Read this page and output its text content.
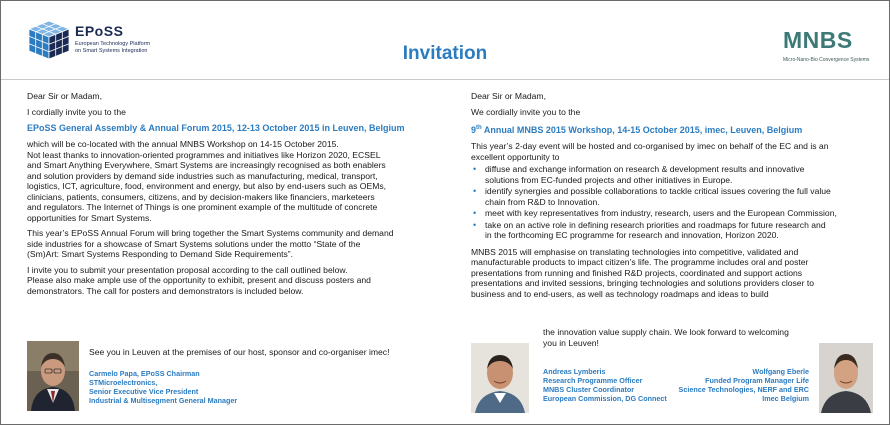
EPoSS
European Technology Platform
on Smart Systems Integration	Invitation
MNBS
Micro-Nano-Bio Convergence Systems

Dear Sir or Madam,

I cordially invite you to the

EPoSS General Assembly & Annual Forum 2015, 12-13 October 2015 in Leuven, Belgium

which will be co-located with the annual MNBS Workshop on 14-15 October 2015.

Not least thanks to innovation-oriented programmes and initiatives like Horizon 2020, ECSEL

and Smart Anything Everywhere, Smart Systems are increasingly recognised as both enablers

and solution providers by demand side industries such as manufacturing, medical, transport,

logistics, ICT, agriculture, food, environment and energy, but also by end-users such as OEMs,

clinicians, patients, consumers, citizens, and by decision-makers like financiers, marketeers

and regulators. The Internet of Things is one prominent example of the multitude of concrete

opportunities for Smart Systems.

This year’s EPoSS Annual Forum will bring together the Smart Systems community and demand

side industries for a showcase of Smart Systems solutions under the motto “State of the

(Sm)Art: Smart Systems Responding to Demand Side Requirements”.

I invite you to submit your presentation proposal according to the call outlined below.

Please also make ample use of the opportunity to exhibit, present and discuss posters and

demonstrators. The call for posters and demonstrators is included below.

See you in Leuven at the premises of our host, sponsor and co-organiser imec!
Carmelo Papa, EPoSS Chairman
STMicroelectronics,
Senior Executive Vice President
Industrial & Multisegment General Manager

Dear Sir or Madam,

We cordially invite you to the

9th Annual MNBS 2015 Workshop, 14-15 October 2015, imec, Leuven, Belgium

This year’s 2-day event will be hosted and co-organised by imec on behalf of the EC and is an

excellent opportunity to

• diffuse and exchange information on research & development results and innovative

solutions from EC-funded projects and other initiatives in Europe.

• identify synergies and possible collaborations to tackle critical issues covering the full value

chain from R&D to Innovation.

• meet with key representatives from industry, research, users and the European Commission,

• take on an active role in defining research priorities and roadmaps for future research and

in the forthcoming EC programme for research and innovation, Horizon 2020.

MNBS 2015 will emphasise on translating technologies into competitive, validated and

manufacturable products to impact citizen’s life. The programme includes oral and poster

presentations from running and finished R&D projects, coordinated and support actions

presentations and invited sessions, bringing technologies and solutions providers closer to

business and to end-users, as well as technology roadmaps and ideas to build

the innovation value supply chain. We look forward to welcoming

you in Leuven!

Andreas Lymberis
Research Programme Officer
MNBS Cluster Coordinator
European Commission, DG Connect
Wolfgang Eberle
Funded Program Manager Life
Science Technologies, NERF and ERC
Imec Belgium
